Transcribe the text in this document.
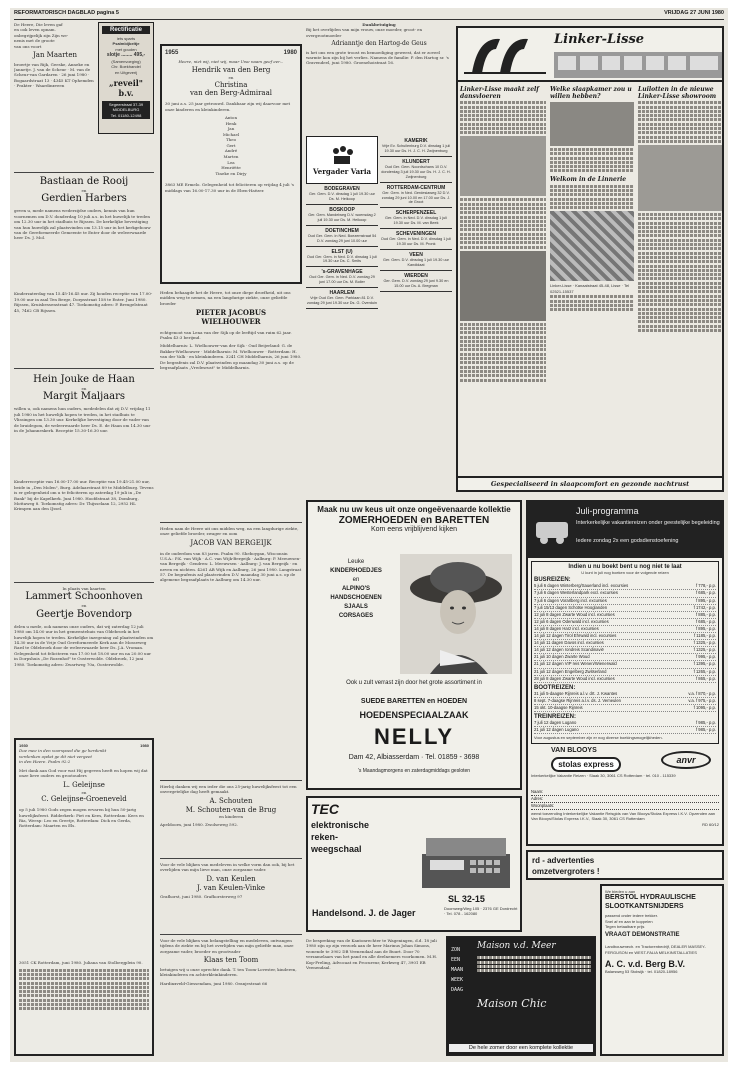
REFORMATORISCH DAGBLAD pagina 5	VRIJDAG 27 JUNI 1980
De Heere, Die leven gaf
en ook leven opnam.
onbegrijpelijk zijn Zijn we-
nenis met de groote
van ons voort
Jan Maarten
broertje van Rijk, Geeske, Anneke en Jannetje. J. van de Scheur · M. van de Scheur-van Gardaren · 26 juni 1980 · Bogaardstraat 13 · 4345 KT Ophemden · Prakter · Waardinxveen
Rectificatie
iets sparts
Psalmbijbeltje
met gouden
slotje ........ 495,-
(Samenvoeging)
Chr. Boekhandel
en Uitgeverij
„reveil" b.v.
Segeerstraat 37-39
MIDDELBURG
Tel. 01180-12498
Bastiaan de Rooij
en
Gerdien Harbers
geven u, mede namens wederzijdse ouders, kennis van hun voornemen om D.V. donderdag 10 juli a.s. in het huwelijk te treden om 12.30 uur in het stadhuis te Rijssen. De kerkelijke bevestiging van hun huwelijk zal plaatsvinden om 13.15 uur in het kerkgebouw van de Gereformeerde Gemeente te Enter door de weleerwaarde heer Ds. J. Mol.
Kinderzaterdag van 15.45-16.45 uur. Zij houden receptie van 17.00-19.00 uur in zaal Ten Berge, Dorpsstraat 158 te Enter. Juni 1980. Rijssen, Kruisbessenstraat 47. Toekomstig adres: P. Breugelstraat 45, 7462 CB Rijssen.
Hein Jouke de Haan
en
Margit Maljaars
willen u, ook namens hun ouders, mededelen dat zij D.V. vrijdag 11 juli 1980 in het huwelijk hopen te treden, in het stadhuis te Vlissingen om 13.30 uur. Kerkelijke bevestiging door de vader van de bruidegom, de weleerwaarde heer Ds. E. de Haan om 14.30 uur in de Johanneskerk. Receptie 15.30-16.30 uur.
Kinderreceptie van 16.00-17.00 uur. Receptie van 19.45-21.00 uur, beide in „Den Molen", Burg. Adelaarstraat 89 te Middelburg. Tevens is er gelegenheid om u te feliciteren op zaterdag 19 juli in „De Bank" bij de Kapelkerk. Juni 1980. Hoofdstraat 38, Domburg, Mottaweg 8. Toekomstig adres: Dr. Thijsselaan 12, 2952 HL Krimpen aan den IJssel.
In plaats van kaarten
Lammert Schoonhoven
en
Geertje Bovendorp
delen u mede, ook namens onze ouders, dat wij zaterdag 12 juli 1980 om 14.00 uur in het gemeentehuis van Oldebroek in het huwelijk hopen te treden. Kerkelijke inzegening zal plaatsvinden om 14.30 uur in de Vrije Oud Gereformeerde Kerk aan de Mosseweg Rard te Oldebroek door de weleerwaarde heer Ds. J.A. Vroman. Gelegenheid tot feliciteren van 17.00 tot 18.00 uur en na 20.00 uur in Dorpshuis „De Rozenhof" te Oosterwolde. Oldebroek, 12 juni 1980. Toekomstig adres: Zwartweg 70a, Oosterwolde.
1930	1980
Doe mee in den voorspoed die ge herdenkt
verdenken opdat ge dit niet vergeet
in den Heere. Psalm 92:2
Met dank aan God voor wat Hij gegeven heeft en hopen wij dat onze lieve ouders en grootouders
L. Geleijnse
en
C. Geleijnse-Groeneveld
op 5 juli 1980 Gods zegen mogen ervaren bij hun 50-jarig huwelijksfeest. Ridderkerk: Piet en Kees, Rotterdam: Kees en Ria, Weesp: Leo en Greetje, Rotterdam: Dick en Gerda, Rotterdam: Maarten en Els.
3051 CK Rotterdam, juni 1980. Juliana van Stolbergplein 90.
1955	1980
Heere, niet wij, niet wij, maar Uwe naam geef eer...
Hendrik van den Berg
en
Christina
van den Berg-Admiraal
30 juni a.s. 25 jaar getrouwd. Dankbaar zijn wij daarvoor met onze kinderen en kleinkinderen.
Anton
Henk
Jan
Michael
Theo
Gert
André
Marten
Lea
Henriëtte
Tineke en Dirjy
3863 ME Ermelo. Gelegenheid tot feliciteren op vrijdag 4 juli 's middags van 16.00-17.30 uur in de Eben-Haëzer.
Heden behaagde het de Heere, tot onze diepe droefheid, uit ons midden weg te nemen, na een langdurige ziekte, onze geliefde broeder
PIETER JACOBUS
WIELHOUWER
echtgenoot van Lena van der Sijk op de leeftijd van ruim 62 jaar. Psalm 43:3 berijmd.
Middelharnis: L. Wielhouwer-van der Sijk · Oud Beijerland: G. de Bakker-Wielhouwer · Middelharnis: M. Wielhouwer · Rotterdam: H. van der Valk · en kleinkinderen. 3241 CH Middelharnis, 26 juni 1980. De begrafenis zal D.V. plaatsvinden op maandag 30 juni a.s. op de begraafplaats „Vredesrust" te Middelharnis.
Heden nam de Heere uit ons midden weg, na een langdurige ziekte, onze geliefde broeder, zwager en oom
JACOB VAN BERGEIJK
in de ouderdom van 83 jaren. Psalm 90. Sheboygan, Wisconsin U.S.A.: P.K. van Wijk · A.C. van Wijk-Bergeijk · Aalburg: P. Meeuwsen-van Bergeijk · Gendren: L. Meeuwsen · Aalburg: J. van Bergeijk · en neven en nichten. 4261 AB Wijk en Aalburg, 26 juni 1980. Langstraat 57. De begrafenis zal plaatsvinden D.V. maandag 30 juni a.s. op de algemene begraafplaats te Aalburg om 14.30 uur.
Hierbij danken wij een ieder die ons 25-jarig huwelijksfeest tot een onvergetelijke dag heeft gemaakt.
A. Schouten
M. Schouten-van de Brug
en kinderen
Apeldoorn, juni 1980. Zwolseweg 592.
Voor de vele blijken van medeleven in welke vorm dan ook, bij het overlijden van mijn lieve man, onze zorgzame vader.
D. van Keulen
J. van Keulen-Vinke
Grafhorst, juni 1980. Grafhorsterweg 97
Voor de vele blijken van belangstelling en medeleven, ontvangen tijdens de ziekte en bij het overlijden van mijn geliefde man, onze zorgzame vader, broeder en grootvader
Klaas ten Toom
betuigen wij u onze oprechte dank. T. ten Toom-Lovester, kinderen, kleinkinderen en achterkleinkinderen.
Hardinxveld-Giessendam, juni 1980. Oranjestraat 66
Dankbetuiging
Bij het overlijden van mijn vrouw, onze moeder, groot- en overgrootmoeder
Adrianntje den Hartog-de Geus
is het ons een grote troost en bemoediging geweest, dat er zoveel warmte kon zijn bij het verlies. Namens de familie: P. den Hartog sr. 's Gravendeel, juni 1980. Groenehoistraat 16.
Vergader Varia
BODEGRAVEN
Ger. Gem. D.V. dinsdag 1 juli 19.30 uur Ds. M. Heikoop
BOSKOOP
Ger. Gem. Mandelweg D.V. woensdag 2 juli 19.30 uur Ds. M. Heikoop
DOETINCHEM
Oud Ger. Gem. in Ned. Boezemstraat 54 D.V. zondag 29 juni 10.00 uur
ELST (U)
Oud Ger. Gem. in Ned. D.V. dinsdag 1 juli 19.30 uur Ds. C. Smits
's-GRAVENHAGE
Oud Ger. Gem. in Ned. D.V. zondag 29 juni 17.00 uur Ds. M. Bolier
HAARLEM
Vrije Oud Ger. Gem. Parklaan 81 D.V. zondag 29 juni 19.30 uur Ds. G. Overduin
KAMERIK
Vrije Ev. Schuilenburg D.V. dinsdag 1 juli 19.30 uur Ds. H. J. C. H. Zwijnenburg
KLUNDERT
Oud Ger. Gem. Noordschans 10 D.V. donderdag 3 juli 19.30 uur Ds. H. J. C. H. Zwijnenburg
ROTTERDAM-CENTRUM
Ger. Gem. in Ned. Gerdesiaweg 32 D.V. zondag 29 juni 10.00 en 17.00 uur Ds. J. de Groot
SCHERPENZEEL
Ger. Gem. in Ned. D.V. dinsdag 1 juli 19.30 uur Ds. M. van Beek
SCHEVENINGEN
Oud Ger. Gem. in Ned. D.V. dinsdag 1 juli 19.30 uur Ds. M. Pronk
VEEN
Ger. Gem. D.V. dinsdag 1 juli 19.30 uur Kandidaat
WIERDEN
Ger. Gem. D.V. zondag 29 juni 9.30 en 15.00 uur Ds. A. Bregman
Maak nu uw keus uit onze ongeëvenaarde kollektie
ZOMERHOEDEN en BARETTEN
Kom eens vrijblijvend kijken
Leuke
KINDERHOEDJES
en
ALPINO'S
HANDSCHOENEN
SJAALS
CORSAGES
Ook u zult verrast zijn door het grote assortiment in
SUEDE BARETTEN en HOEDEN
HOEDENSPECIAALZAAK
NELLY
Dam 42, Albiasserdam · Tel. 01859 - 3698
's Maandagmorgens en zaterdagmiddags gesloten
TEC
elektronische
reken-
weegschaal
SL 32-15
Handelsond. J. de Jager	Doornweg/Weg 105 · 2376 GE Dordrecht · Tel. 078 - 162080
Linker-Lisse
Linker-Lisse maakt zelf dansvloeren
Welke slaapkamer zou u willen hebben?
Welkom in de Linnerie
Linker-Lisse · Kanaalstraat 45-48, Lisse · Tel 02521-15537
Luilotten in de nieuwe Linker-Lisse showroom
Gespecialiseerd in slaapcomfort en gezonde nachtrust
Juli-programma
Interkerkelijke vakantiereizen onder geestelijke begeleiding
Iedere zondag 2x een godsdienstoefening
Indien u nu boekt bent u nog niet te laat
U kunt in juli nog boeken voor de volgende reizen
BUSREIZEN:
5 juli 6 dagen Winterberg/Sauerland incl. excursies	f 778,- p.p.
7 juli 6 dagen Westerlandpark excl. excursies	f 685,- p.p.
7 juli 6 dagen Vorarlberg incl. excursies	f 895,- p.p.
7 juli 15/13 dagen Schotse Hooglanden	f 1742,- p.p.
12 juli 8 dagen Zwarte Woud incl. excursies	f 885,- p.p.
12 juli 6 dagen Odenwald incl. excursies	f 685,- p.p.
14 juli 8 dagen Harz incl. excursies	f 895,- p.p.
14 juli 12 dagen Tirol Ehrwald incl. excursies	f 1185,- p.p.
14 juli 11 dagen Davos incl. excursies	f 1325,- p.p.
14 juli 12 dagen rondreis Scandinavië	f 1325,- p.p.
21 juli 10 dagen Zwarte Woud	f 995,- p.p.
21 juli 12 dagen VIP reis Wenen/Wienerwald	f 1395,- p.p.
21 juli 12 dagen Engelberg Zwitserland	f 1265,- p.p.
28 juli 8 dagen Zwarte Woud incl. excursies	f 865,- p.p.
BOOTREIZEN:
31 juli 5-daagse Rijnreis a.l.v. drt. J. Kwantes	v.a. f 870,- p.p.
8 sept. 7-daagse Rijnreis a.l.v. ds. J. Vemeulen	v.a. f 975,- p.p.
15 okt. 10-daagse Rijnreis	f 1095,- p.p.
TREINREIZEN:
7 juli 12 dagen Lugano	f 985,- p.p.
21 juli 12 dagen Lugano	f 985,- p.p.
Voor augustus en september zijn er nog diverse boekingsmogelijkheden.
VAN BLOOYS
stolas express	anvr
Interkerkelijke Vakantie Reizen · Slaak 30, 3061 CS Rotterdam · tel. 010 - 115339
Naam:
Adres:
Woonplaats:
wenst toezending Interkerkelijke Vakantie Reisgids van Van Blooys/Stolas Express I.K.V. Opzenden aan Van Blooys/Stolas Express I.K.V., Slaak 30, 3061 CS Rotterdam
RD 60/12
rd - advertenties
omzetvergroters !
De bespreking van de Kantonrechter te Wageningen, d.d. 18 juli 1980 zijn op zijn verzoek aan de heer Marinus Johan Simons, wonende te 3902 DB Veenendaal aan de Buurt. Door 70 verzamelaars van het pand en alle deelnemers voorkomen. M.H. Kop-Freling, Advocaat en Procureur, Kerkweg 47, 3901 EB Veenendaal.
ZON
EEN
MAAN
WEEK
DAAG
Maison v.d. Meer
Maison Chic
De hele zomer door een komplete kollektie
We bieden u aan
BERSTOL HYDRAULISCHE SLOOTKANTSNIJDERS
passend onder iedere trekker.
Snel af en aan te koppelen
Tegen betaalbare prijs
VRAAGT DEMONSTRATIE
Landbouwmech. en Tractorenbedrijf, DEALER MASSEY-FERGUSON en WEST-FALIA MELKINSTALLATIES
A. C. v.d. Berg B.V.
Balarsweg 53 Stolwijk · tel. 01820-18956
